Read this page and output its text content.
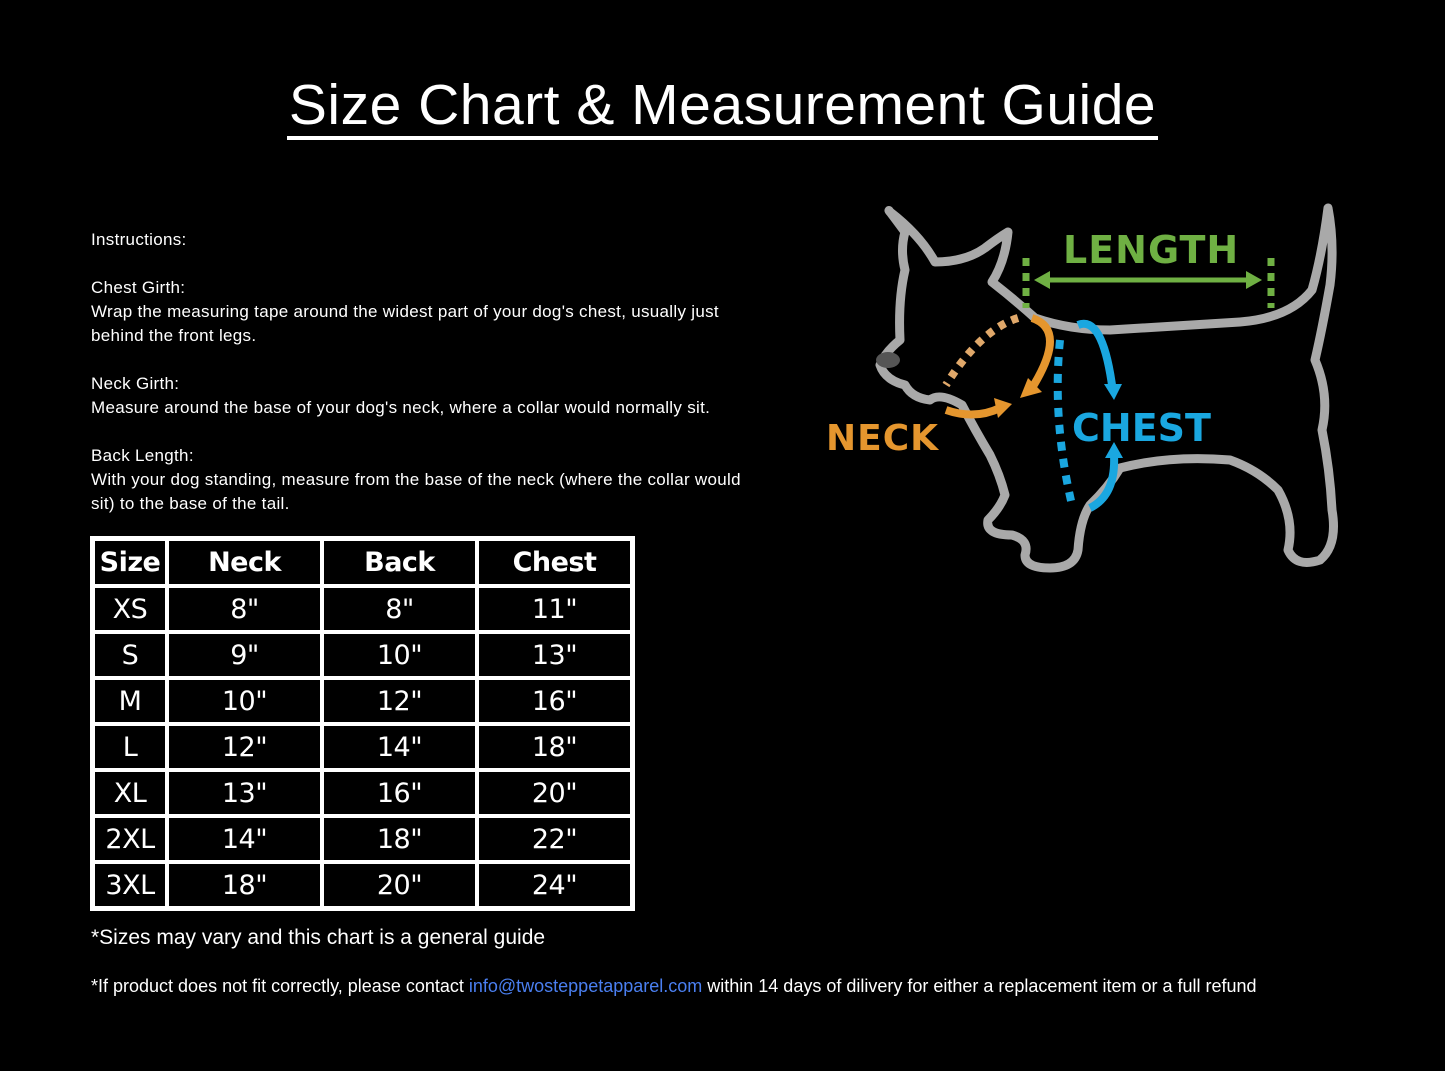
Size Chart & Measurement Guide

Instructions:

Chest Girth:

Wrap the measuring tape around the widest part of your dog's chest, usually just behind the front legs.

Neck Girth:

Measure around the base of your dog's neck, where a collar would normally sit.

Back Length:

With your dog standing, measure from the base of the neck (where the collar would sit) to the base of the tail.

Size	Neck	Back	Chest
XS	8"	8"	11"
S	9"	10"	13"
M	10"	12"	16"
L	12"	14"	18"
XL	13"	16"	20"
2XL	14"	18"	22"
3XL	18"	20"	24"

LENGTH

NECK	CHEST

*Sizes may vary and this chart is a general guide

*If product does not fit correctly, please contact info@twosteppetapparel.com within 14 days of dilivery for either a replacement item or a full refund
